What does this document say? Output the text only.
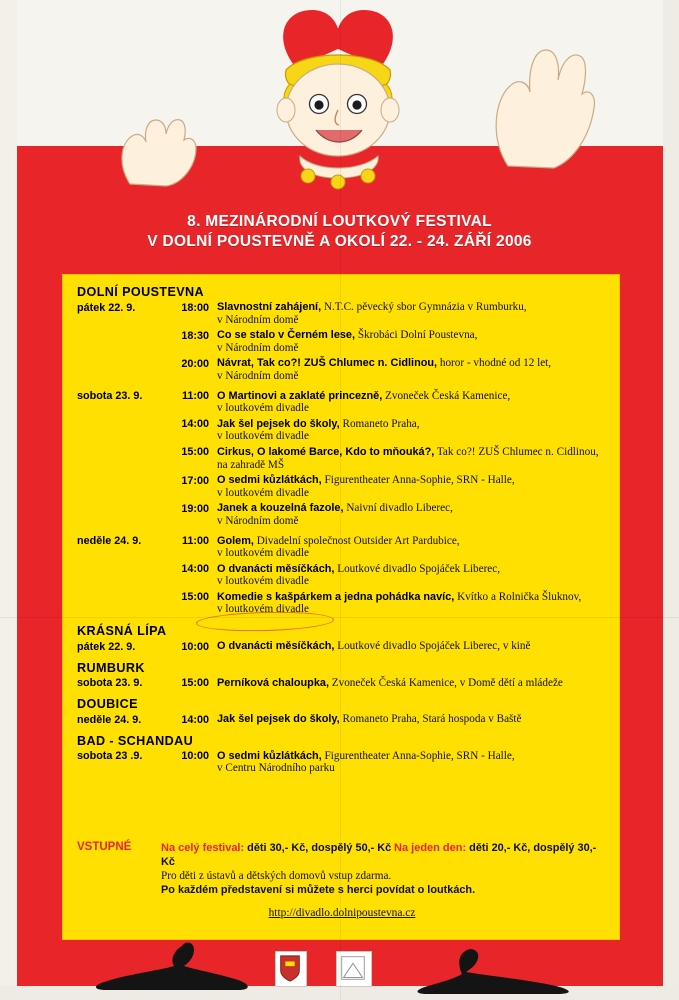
8. MEZINÁRODNÍ LOUTKOVÝ FESTIVAL
V DOLNÍ POUSTEVNĚ A OKOLÍ 22. - 24. ZÁŘÍ 2006
DOLNÍ POUSTEVNA
pátek 22. 9.	18:00 Slavnostní zahájení, N.T.C. pěvecký sbor Gymnázia v Rumburku,
v Národním domě
18:30 Co se stalo v Černém lese, Škrobáci Dolní Poustevna,
v Národním domě
20:00 Návrat, Tak co?! ZUŠ Chlumec n. Cidlinou, horor - vhodné od 12 let,
v Národním domě
sobota 23. 9.	11:00 O Martinovi a zaklaté princezně, Zvoneček Česká Kamenice,
v loutkovém divadle
14:00 Jak šel pejsek do školy, Romaneto Praha,
v loutkovém divadle
15:00 Cirkus, O lakomé Barce, Kdo to mňouká?, Tak co?! ZUŠ Chlumec n. Cidlinou,
na zahradě MŠ
17:00 O sedmi kůzlátkách, Figurentheater Anna-Sophie, SRN - Halle,
v loutkovém divadle
19:00 Janek a kouzelná fazole, Naivní divadlo Liberec,
v Národním domě
neděle 24. 9.	11:00 Golem, Divadelní společnost Outsider Art Pardubice,
v loutkovém divadle
14:00 O dvanácti měsíčkách, Loutkové divadlo Spojáček Liberec,
v loutkovém divadle
15:00 Komedie s kašpárkem a jedna pohádka navíc, Kvítko a Rolnička Šluknov,
v loutkovém divadle
KRÁSNÁ LÍPA
pátek 22. 9.	10:00 O dvanácti měsíčkách, Loutkové divadlo Spojáček Liberec, v kině
RUMBURK
sobota 23. 9.	15:00 Perníková chaloupka, Zvoneček Česká Kamenice, v Domě dětí a mládeže
DOUBICE
neděle 24. 9.	14:00 Jak šel pejsek do školy, Romaneto Praha, Stará hospoda v Baště
BAD - SCHANDAU
sobota 23 .9.	10:00 O sedmi kůzlátkách, Figurentheater Anna-Sophie, SRN - Halle,
v Centru Národního parku
VSTUPNÉ	Na celý festival: děti 30,- Kč, dospělý 50,- Kč Na jeden den: děti 20,- Kč, dospělý 30,-Kč
Pro děti z ústavů a dětských domovů vstup zdarma.
Po každém představení si můžete s herci povídat o loutkách.
http://divadlo.dolnipoustevna.cz
